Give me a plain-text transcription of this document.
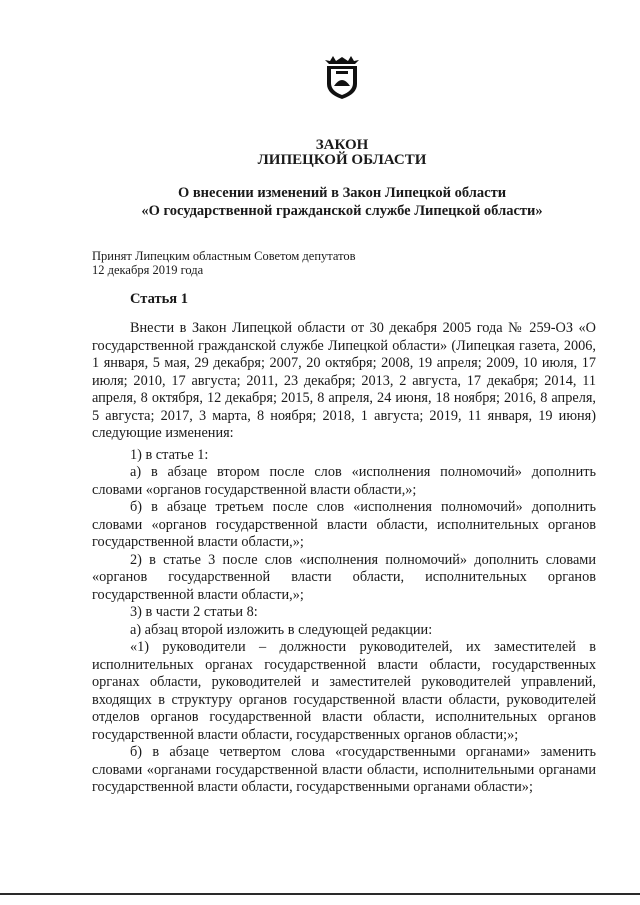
ЗАКОН
ЛИПЕЦКОЙ ОБЛАСТИ
О внесении изменений в Закон Липецкой области
«О государственной гражданской службе Липецкой области»
Принят Липецким областным Советом депутатов
12 декабря 2019 года
Статья 1

Внести в Закон Липецкой области от 30 декабря 2005 года № 259-ОЗ «О государственной гражданской службе Липецкой области» (Липецкая газета, 2006, 1 января, 5 мая, 29 декабря; 2007, 20 октября; 2008, 19 апреля; 2009, 10 июля, 17 июля; 2010, 17 августа; 2011, 23 декабря; 2013, 2 августа, 17 декабря; 2014, 11 апреля, 8 октября, 12 декабря; 2015, 8 апреля, 24 июня, 18 ноября; 2016, 8 апреля, 5 августа; 2017, 3 марта, 8 ноября; 2018, 1 августа; 2019, 11 января, 19 июня) следующие изменения:

1) в статье 1:

а) в абзаце втором после слов «исполнения полномочий» дополнить словами «органов государственной власти области,»;

б) в абзаце третьем после слов «исполнения полномочий» дополнить словами «органов государственной власти области, исполнительных органов государственной власти области,»;

2) в статье 3 после слов «исполнения полномочий» дополнить словами «органов государственной власти области, исполнительных органов государственной власти области,»;

3) в части 2 статьи 8:

а) абзац второй изложить в следующей редакции:

«1) руководители – должности руководителей, их заместителей в исполнительных органах государственной власти области, государственных органах области, руководителей и заместителей руководителей управлений, входящих в структуру органов государственной власти области, руководителей отделов органов государственной власти области, исполнительных органов государственной власти области, государственных органов области;»;

б) в абзаце четвертом слова «государственными органами» заменить словами «органами государственной власти области, исполнительными органами государственной власти области, государственными органами области»;
